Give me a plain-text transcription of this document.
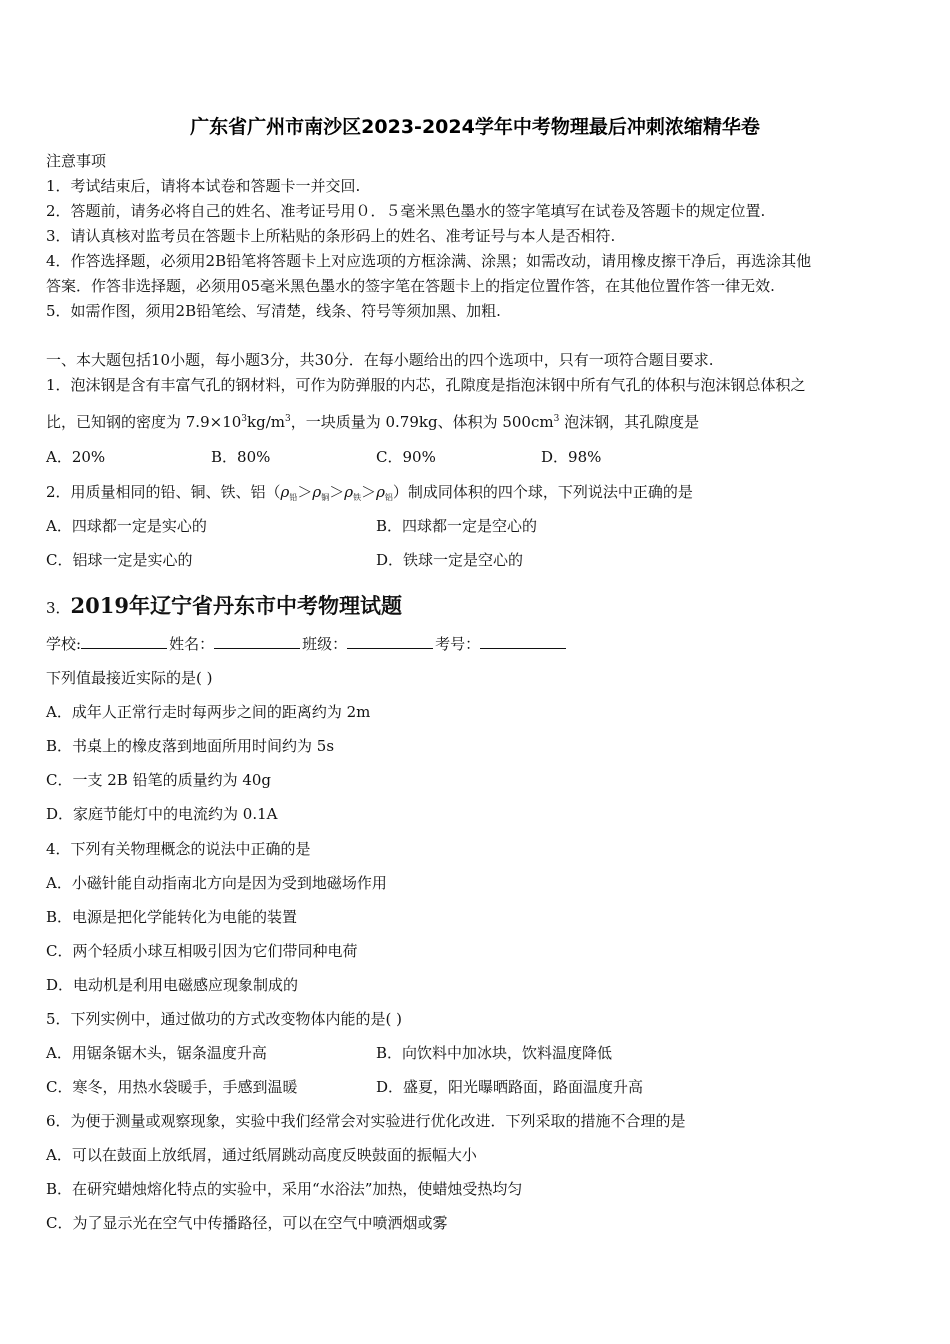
广东省广州市南沙区2023-2024学年中考物理最后冲刺浓缩精华卷
注意事项
1．考试结束后，请将本试卷和答题卡一并交回.
2．答题前，请务必将自己的姓名、准考证号用０．５毫米黑色墨水的签字笔填写在试卷及答题卡的规定位置.
3．请认真核对监考员在答题卡上所粘贴的条形码上的姓名、准考证号与本人是否相符.
4．作答选择题，必须用2B铅笔将答题卡上对应选项的方框涂满、涂黑；如需改动，请用橡皮擦干净后，再选涂其他
答案．作答非选择题，必须用05毫米黑色墨水的签字笔在答题卡上的指定位置作答，在其他位置作答一律无效.
5．如需作图，须用2B铅笔绘、写清楚，线条、符号等须加黑、加粗.
一、本大题包括10小题，每小题3分，共30分．在每小题给出的四个选项中，只有一项符合题目要求.
1．泡沫钢是含有丰富气孔的钢材料，可作为防弹服的内芯，孔隙度是指泡沫钢中所有气孔的体积与泡沫钢总体积之
比，已知钢的密度为 $7.9\times 10^3kg/m^3$，一块质量为 0.79kg、体积为 $500cm^3$ 泡沫钢，其孔隙度是
A．20%	B．80%	C．90%	D．98%
2．用质量相同的铅、铜、铁、铝$(\rho_铅>\rho_铜>\rho_铁>\rho_铝)$制成同体积的四个球，下列说法中正确的是
A．四球都一定是实心的	B．四球都一定是空心的
C．铝球一定是实心的	D．铁球一定是空心的
3．2019年辽宁省丹东市中考物理试题
学校:	姓名：	班级：	考号：
下列值最接近实际的是( )
A．成年人正常行走时每两步之间的距离约为 2m
B．书桌上的橡皮落到地面所用时间约为 5s
C．一支 2B 铅笔的质量约为 40g
D．家庭节能灯中的电流约为 0.1A
4．下列有关物理概念的说法中正确的是
A．小磁针能自动指南北方向是因为受到地磁场作用
B．电源是把化学能转化为电能的装置
C．两个轻质小球互相吸引因为它们带同种电荷
D．电动机是利用电磁感应现象制成的
5．下列实例中，通过做功的方式改变物体内能的是( )
A．用锯条锯木头，锯条温度升高	B．向饮料中加冰块，饮料温度降低
C．寒冬，用热水袋暖手，手感到温暖	D．盛夏，阳光曝晒路面，路面温度升高
6．为便于测量或观察现象，实验中我们经常会对实验进行优化改进．下列采取的措施不合理的是
A．可以在鼓面上放纸屑，通过纸屑跳动高度反映鼓面的振幅大小
B．在研究蜡烛熔化特点的实验中，采用“水浴法”加热，使蜡烛受热均匀
C．为了显示光在空气中传播路径，可以在空气中喷洒烟或雾
